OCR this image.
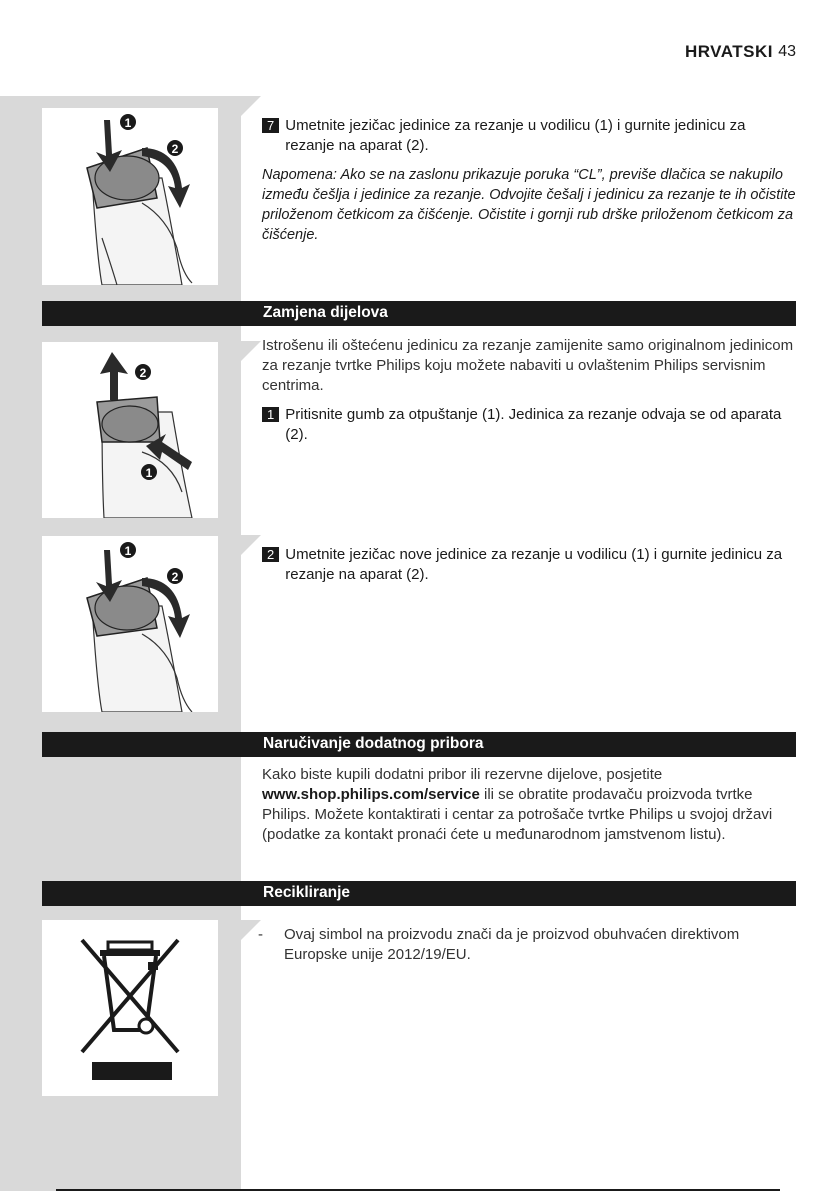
HRVATSKI 43
1
2
2
1
1
2
7 Umetnite jezičac jedinice za rezanje u vodilicu (1) i gurnite jedinicu za rezanje na aparat (2).

Napomena: Ako se na zaslonu prikazuje poruka “CL”, previše dlačica se nakupilo između češlja i jedinice za rezanje. Odvojite češalj i jedinicu za rezanje te ih očistite priloženom četkicom za čišćenje. Očistite i gornji rub drške priloženom četkicom za čišćenje.

Zamjena dijelova
Istrošenu ili oštećenu jedinicu za rezanje zamijenite samo originalnom jedinicom za rezanje tvrtke Philips koju možete nabaviti u ovlaštenim Philips servisnim centrima.
1 Pritisnite gumb za otpuštanje (1). Jedinica za rezanje odvaja se od aparata (2).
2 Umetnite jezičac nove jedinice za rezanje u vodilicu (1) i gurnite jedinicu za rezanje na aparat (2).
Naručivanje dodatnog pribora
Kako biste kupili dodatni pribor ili rezervne dijelove, posjetite www.shop.philips.com/service ili se obratite prodavaču proizvoda tvrtke Philips. Možete kontaktirati i centar za potrošače tvrtke Philips u svojoj državi (podatke za kontakt pronaći ćete u međunarodnom jamstvenom listu).
Recikliranje
-	Ovaj simbol na proizvodu znači da je proizvod obuhvaćen direktivom Europske unije 2012/19/EU.
